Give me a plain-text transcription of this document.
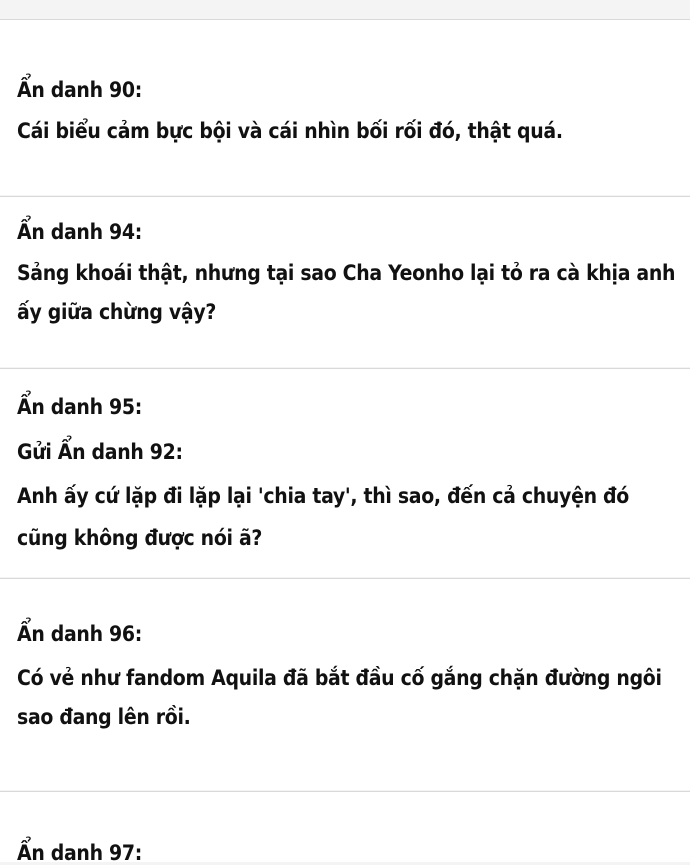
Ẩn danh 90:

Cái biểu cảm bực bội và cái nhìn bối rối đó, thật quá.

Ẩn danh 94:

Sảng khoái thật, nhưng tại sao Cha Yeonho lại tỏ ra cà khịa anh

ấy giữa chừng vậy?

Ẩn danh 95:

Gửi Ẩn danh 92:

Anh ấy cứ lặp đi lặp lại 'chia tay', thì sao, đến cả chuyện đó

cũng không được nói ã?

Ẩn danh 96:

Có vẻ như fandom Aquila đã bắt đầu cố gắng chặn đường ngôi

sao đang lên rồi.

Ẩn danh 97:
